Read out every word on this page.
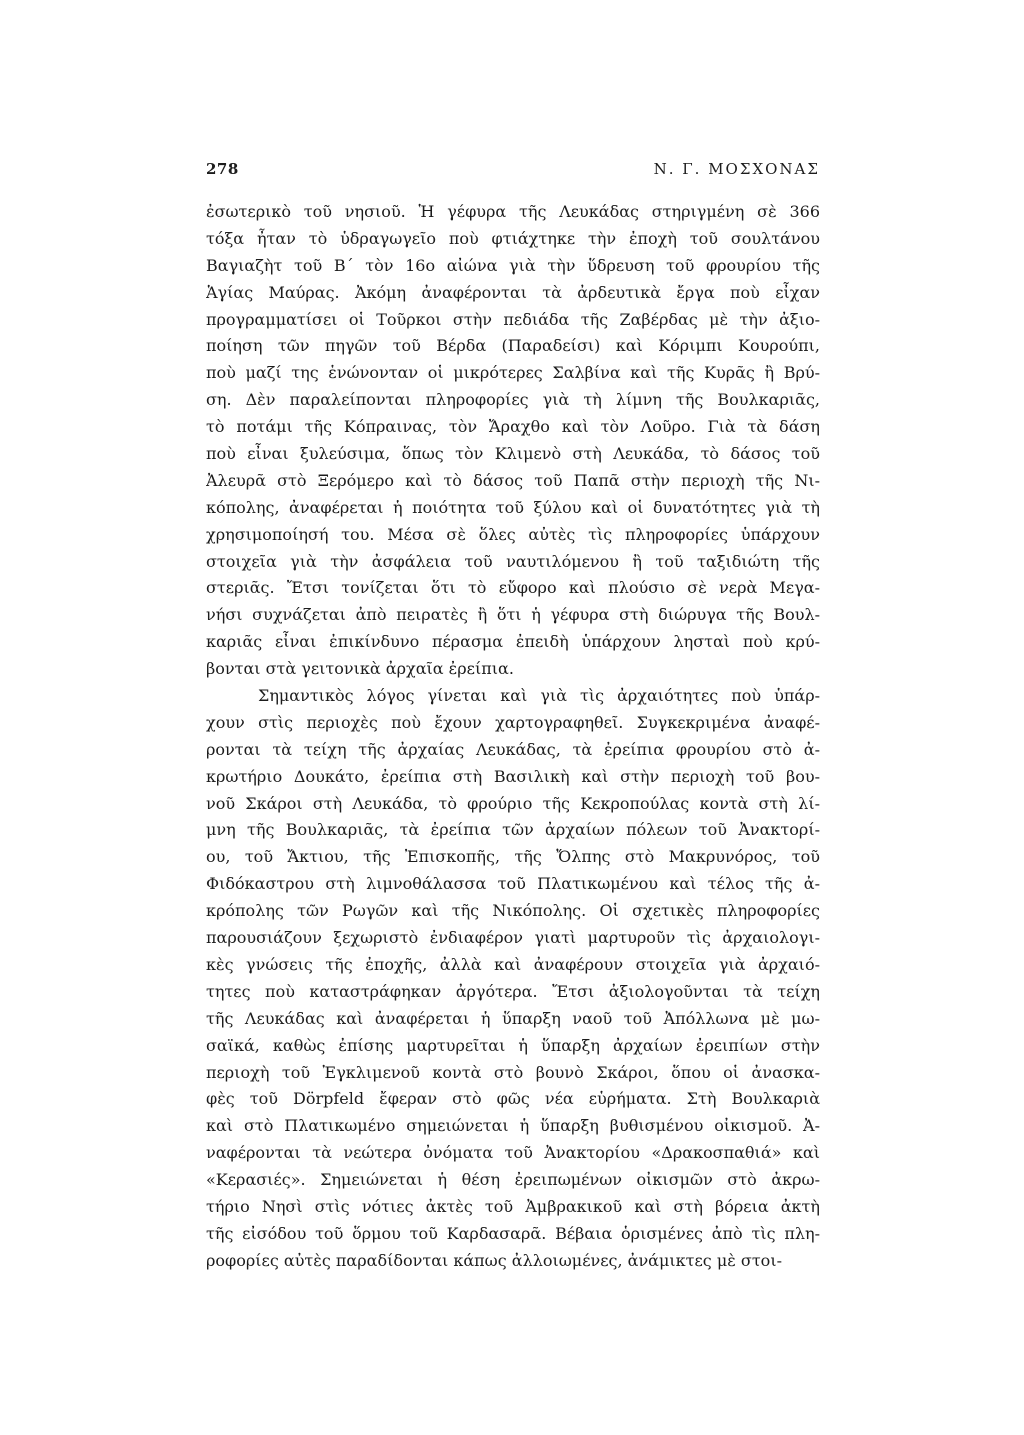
278	Ν. Γ. ΜΟΣΧΟΝΑΣ
ἐσωτερικὸ τοῦ νησιοῦ. Ἡ γέφυρα τῆς Λευκάδας στηριγμένη σὲ 366
τόξα ἦταν τὸ ὑδραγωγεῖο ποὺ φτιάχτηκε τὴν ἐποχὴ τοῦ σουλτάνου
Βαγιαζὴτ τοῦ Β΄ τὸν 16ο αἰώνα γιὰ τὴν ὕδρευση τοῦ φρουρίου τῆς
Ἁγίας Μαύρας. Ἀκόμη ἀναφέρονται τὰ ἀρδευτικὰ ἔργα ποὺ εἶχαν
προγραμματίσει οἱ Τοῦρκοι στὴν πεδιάδα τῆς Ζαβέρδας μὲ τὴν ἀξιο-
ποίηση τῶν πηγῶν τοῦ Βέρδα (Παραδείσι) καὶ Κόριμπι Κουρούπι,
ποὺ μαζί της ἑνώνονταν οἱ μικρότερες Σαλβίνα καὶ τῆς Κυρᾶς ἢ Βρύ-
ση. Δὲν παραλείπονται πληροφορίες γιὰ τὴ λίμνη τῆς Βουλκαριᾶς,
τὸ ποτάμι τῆς Κόπραινας, τὸν Ἄραχθο καὶ τὸν Λοῦρο. Γιὰ τὰ δάση
ποὺ εἶναι ξυλεύσιμα, ὅπως τὸν Κλιμενὸ στὴ Λευκάδα, τὸ δάσος τοῦ
Ἀλευρᾶ στὸ Ξερόμερο καὶ τὸ δάσος τοῦ Παπᾶ στὴν περιοχὴ τῆς Νι-
κόπολης, ἀναφέρεται ἡ ποιότητα τοῦ ξύλου καὶ οἱ δυνατότητες γιὰ τὴ
χρησιμοποίησή του. Μέσα σὲ ὅλες αὐτὲς τὶς πληροφορίες ὑπάρχουν
στοιχεῖα γιὰ τὴν ἀσφάλεια τοῦ ναυτιλόμενου ἢ τοῦ ταξιδιώτη τῆς
στεριᾶς. Ἔτσι τονίζεται ὅτι τὸ εὔφορο καὶ πλούσιο σὲ νερὰ Μεγα-
νήσι συχνάζεται ἀπὸ πειρατὲς ἢ ὅτι ἡ γέφυρα στὴ διώρυγα τῆς Βουλ-
καριᾶς εἶναι ἐπικίνδυνο πέρασμα ἐπειδὴ ὑπάρχουν λησταὶ ποὺ κρύ-
βονται στὰ γειτονικὰ ἀρχαῖα ἐρείπια.
Σημαντικὸς λόγος γίνεται καὶ γιὰ τὶς ἀρχαιότητες ποὺ ὑπάρ-
χουν στὶς περιοχὲς ποὺ ἔχουν χαρτογραφηθεῖ. Συγκεκριμένα ἀναφέ-
ρονται τὰ τείχη τῆς ἀρχαίας Λευκάδας, τὰ ἐρείπια φρουρίου στὸ ἀ-
κρωτήριο Δουκάτο, ἐρείπια στὴ Βασιλικὴ καὶ στὴν περιοχὴ τοῦ βου-
νοῦ Σκάροι στὴ Λευκάδα, τὸ φρούριο τῆς Κεκροπούλας κοντὰ στὴ λί-
μνη τῆς Βουλκαριᾶς, τὰ ἐρείπια τῶν ἀρχαίων πόλεων τοῦ Ἀνακτορί-
ου, τοῦ Ἄκτιου, τῆς Ἐπισκοπῆς, τῆς Ὄλπης στὸ Μακρυνόρος, τοῦ
Φιδόκαστρου στὴ λιμνοθάλασσα τοῦ Πλατικωμένου καὶ τέλος τῆς ἀ-
κρόπολης τῶν Ρωγῶν καὶ τῆς Νικόπολης. Οἱ σχετικὲς πληροφορίες
παρουσιάζουν ξεχωριστὸ ἐνδιαφέρον γιατὶ μαρτυροῦν τὶς ἀρχαιολογι-
κὲς γνώσεις τῆς ἐποχῆς, ἀλλὰ καὶ ἀναφέρουν στοιχεῖα γιὰ ἀρχαιό-
τητες ποὺ καταστράφηκαν ἀργότερα. Ἔτσι ἀξιολογοῦνται τὰ τείχη
τῆς Λευκάδας καὶ ἀναφέρεται ἡ ὕπαρξη ναοῦ τοῦ Ἀπόλλωνα μὲ μω-
σαϊκά, καθὼς ἐπίσης μαρτυρεῖται ἡ ὕπαρξη ἀρχαίων ἐρειπίων στὴν
περιοχὴ τοῦ Ἐγκλιμενοῦ κοντὰ στὸ βουνὸ Σκάροι, ὅπου οἱ ἀνασκα-
φὲς τοῦ Dörpfeld ἔφεραν στὸ φῶς νέα εὑρήματα. Στὴ Βουλκαριὰ
καὶ στὸ Πλατικωμένο σημειώνεται ἡ ὕπαρξη βυθισμένου οἰκισμοῦ. Ἀ-
ναφέρονται τὰ νεώτερα ὀνόματα τοῦ Ἀνακτορίου «Δρακοσπαθιά» καὶ
«Κερασιές». Σημειώνεται ἡ θέση ἐρειπωμένων οἰκισμῶν στὸ ἀκρω-
τήριο Νησὶ στὶς νότιες ἀκτὲς τοῦ Ἀμβρακικοῦ καὶ στὴ βόρεια ἀκτὴ
τῆς εἰσόδου τοῦ ὅρμου τοῦ Καρδασαρᾶ. Βέβαια ὁρισμένες ἀπὸ τὶς πλη-
ροφορίες αὐτὲς παραδίδονται κάπως ἀλλοιωμένες, ἀνάμικτες μὲ στοι-
